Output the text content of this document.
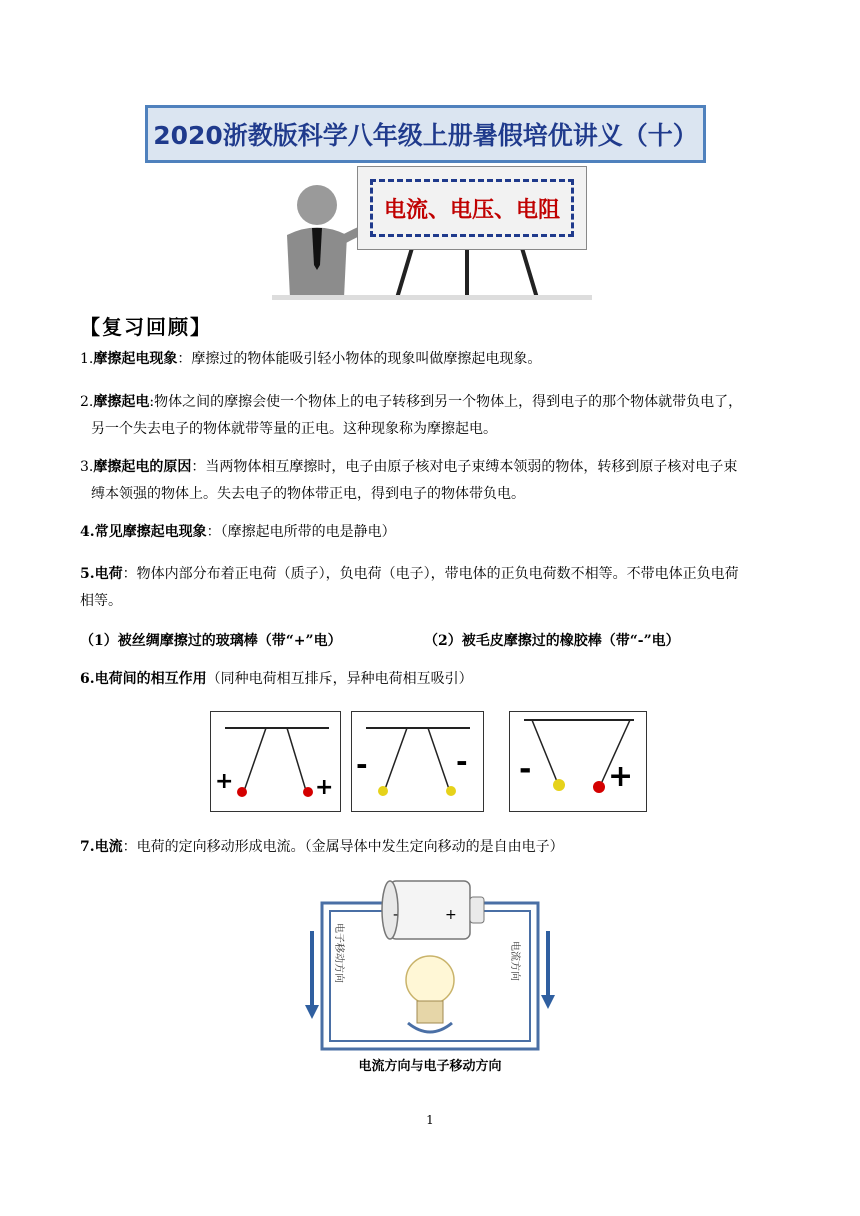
2020浙教版科学八年级上册暑假培优讲义（十）
电流、电压、电阻
【复习回顾】
1.摩擦起电现象：摩擦过的物体能吸引轻小物体的现象叫做摩擦起电现象。
2.摩擦起电:物体之间的摩擦会使一个物体上的电子转移到另一个物体上，得到电子的那个物体就带负电了，
另一个失去电子的物体就带等量的正电。这种现象称为摩擦起电。
3.摩擦起电的原因：当两物体相互摩擦时，电子由原子核对电子束缚本领弱的物体，转移到原子核对电子束
缚本领强的物体上。失去电子的物体带正电，得到电子的物体带负电。
4.常见摩擦起电现象：（摩擦起电所带的电是静电）
5.电荷：物体内部分布着正电荷（质子），负电荷（电子），带电体的正负电荷数不相等。不带电体正负电荷
相等。
（1）被丝绸摩擦过的玻璃棒（带“+”电）	（2）被毛皮摩擦过的橡胶棒（带“-”电）
6.电荷间的相互作用（同种电荷相互排斥，异种电荷相互吸引）
+	+
-	- -	+
7.电流：电荷的定向移动形成电流。（金属导体中发生定向移动的是自由电子）
-	+
电子移动方向	电流方向
电流方向与电子移动方向
1
